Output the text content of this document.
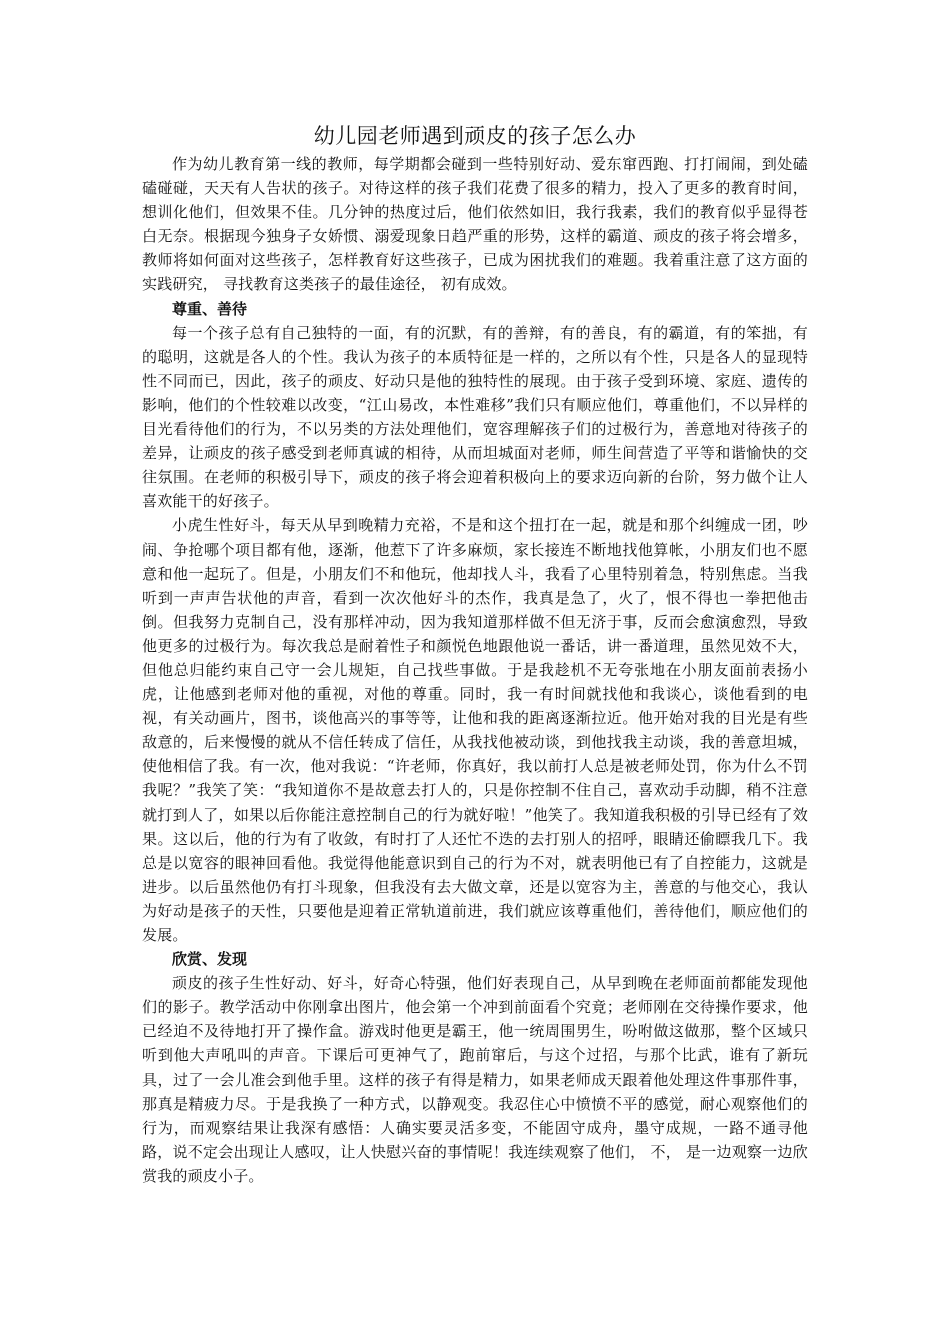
幼儿园老师遇到顽皮的孩子怎么办

作为幼儿教育第一线的教师，每学期都会碰到一些特别好动、爱东窜西跑、打打闹闹，到处磕磕碰碰，天天有人告状的孩子。对待这样的孩子我们花费了很多的精力，投入了更多的教育时间，想训化他们，但效果不佳。几分钟的热度过后，他们依然如旧，我行我素，我们的教育似乎显得苍白无奈。根据现今独身子女娇惯、溺爱现象日趋严重的形势，这样的霸道、顽皮的孩子将会增多，教师将如何面对这些孩子，怎样教育好这些孩子，已成为困扰我们的难题。我着重注意了这方面的实践研究， 寻找教育这类孩子的最佳途径， 初有成效。

尊重、善待

每一个孩子总有自己独特的一面，有的沉默，有的善辩，有的善良，有的霸道，有的笨拙，有的聪明，这就是各人的个性。我认为孩子的本质特征是一样的，之所以有个性，只是各人的显现特性不同而已，因此，孩子的顽皮、好动只是他的独特性的展现。由于孩子受到环境、家庭、遗传的影响，他们的个性较难以改变，“江山易改，本性难移”我们只有顺应他们，尊重他们，不以异样的目光看待他们的行为，不以另类的方法处理他们，宽容理解孩子们的过极行为，善意地对待孩子的差异，让顽皮的孩子感受到老师真诚的相待，从而坦城面对老师，师生间营造了平等和谐愉快的交往氛围。在老师的积极引导下，顽皮的孩子将会迎着积极向上的要求迈向新的台阶，努力做个让人喜欢能干的好孩子。

小虎生性好斗，每天从早到晚精力充裕，不是和这个扭打在一起，就是和那个纠缠成一团，吵闹、争抢哪个项目都有他，逐渐，他惹下了许多麻烦，家长接连不断地找他算帐，小朋友们也不愿意和他一起玩了。但是，小朋友们不和他玩，他却找人斗，我看了心里特别着急，特别焦虑。当我听到一声声告状他的声音，看到一次次他好斗的杰作，我真是急了，火了，恨不得也一拳把他击倒。但我努力克制自己，没有那样冲动，因为我知道那样做不但无济于事，反而会愈演愈烈，导致他更多的过极行为。每次我总是耐着性子和颜悦色地跟他说一番话，讲一番道理，虽然见效不大，但他总归能约束自己守一会儿规矩，自己找些事做。于是我趁机不无夸张地在小朋友面前表扬小虎，让他感到老师对他的重视，对他的尊重。同时，我一有时间就找他和我谈心，谈他看到的电视，有关动画片，图书，谈他高兴的事等等，让他和我的距离逐渐拉近。他开始对我的目光是有些敌意的，后来慢慢的就从不信任转成了信任，从我找他被动谈，到他找我主动谈，我的善意坦城，使他相信了我。有一次，他对我说：“许老师，你真好，我以前打人总是被老师处罚，你为什么不罚我呢？”我笑了笑：“我知道你不是故意去打人的，只是你控制不住自己，喜欢动手动脚，稍不注意就打到人了，如果以后你能注意控制自己的行为就好啦！”他笑了。我知道我积极的引导已经有了效果。这以后，他的行为有了收敛，有时打了人还忙不迭的去打别人的招呼，眼睛还偷瞟我几下。我总是以宽容的眼神回看他。我觉得他能意识到自己的行为不对，就表明他已有了自控能力，这就是进步。以后虽然他仍有打斗现象，但我没有去大做文章，还是以宽容为主，善意的与他交心，我认为好动是孩子的天性，只要他是迎着正常轨道前进，我们就应该尊重他们，善待他们，顺应他们的发展。

欣赏、发现

顽皮的孩子生性好动、好斗，好奇心特强，他们好表现自己，从早到晚在老师面前都能发现他们的影子。教学活动中你刚拿出图片，他会第一个冲到前面看个究竟；老师刚在交待操作要求，他已经迫不及待地打开了操作盒。游戏时他更是霸王，他一统周围男生，吩咐做这做那，整个区域只听到他大声吼叫的声音。下课后可更神气了，跑前窜后，与这个过招，与那个比武，谁有了新玩具，过了一会儿准会到他手里。这样的孩子有得是精力，如果老师成天跟着他处理这件事那件事，那真是精疲力尽。于是我换了一种方式，以静观变。我忍住心中愤愤不平的感觉，耐心观察他们的行为，而观察结果让我深有感悟：人确实要灵活多变，不能固守成舟，墨守成规，一路不通寻他路，说不定会出现让人感叹，让人快慰兴奋的事情呢！我连续观察了他们， 不， 是一边观察一边欣赏我的顽皮小子。
